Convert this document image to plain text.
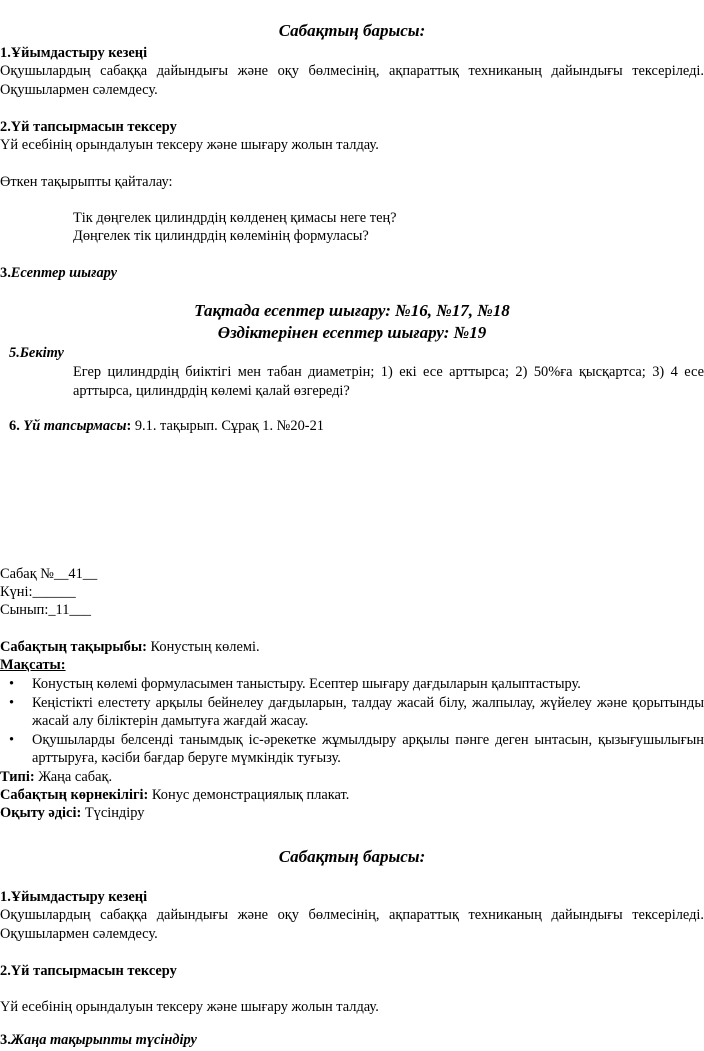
Сабақтың барысы:
1.Ұйымдастыру кезеңі
Оқушылардың сабаққа дайындығы және оқу бөлмесінің, ақпараттық техниканың дайындығы тексеріледі. Оқушылармен сәлемдесу.
2.Үй тапсырмасын тексеру
Үй есебінің орындалуын тексеру және шығару жолын талдау.
Өткен тақырыпты қайталау:
Тік дөңгелек цилиндрдің көлденең қимасы неге тең?
Дөңгелек тік цилиндрдің көлемінің формуласы?
3.Есептер шығару
Тақтада есептер шығару: №16, №17, №18
Өздіктерінен есептер шығару: №19
5.Бекіту
Егер цилиндрдің биіктігі мен табан диаметрін; 1) екі есе арттырса; 2) 50%ға қысқартса; 3) 4 есе арттырса, цилиндрдің көлемі қалай өзгереді?
6. Үй тапсырмасы: 9.1. тақырып. Сұрақ 1. №20-21
Сабақ №__41__
Күні:______
Сынып:_11___
Сабақтың тақырыбы: Конустың көлемі.
Мақсаты:
• Конустың көлемі формуласымен таныстыру. Есептер шығару дағдыларын қалыптастыру.
• Кеңістікті елестету арқылы бейнелеу дағдыларын, талдау жасай білу, жалпылау, жүйелеу және қорытынды жасай алу біліктерін дамытуға жағдай жасау.
• Оқушыларды белсенді танымдық іс-әрекетке жұмылдыру арқылы пәнге деген ынтасын, қызығушылығын арттыруға, кәсіби бағдар беруге мүмкіндік туғызу.
Типі: Жаңа сабақ.
Сабақтың көрнекілігі: Конус демонстрациялық плакат.
Оқыту әдісі: Түсіндіру
Сабақтың барысы:
1.Ұйымдастыру кезеңі
Оқушылардың сабаққа дайындығы және оқу бөлмесінің, ақпараттық техниканың дайындығы тексеріледі. Оқушылармен сәлемдесу.
2.Үй тапсырмасын тексеру
Үй есебінің орындалуын тексеру және шығару жолын талдау.
3.Жаңа тақырыпты түсіндіру
